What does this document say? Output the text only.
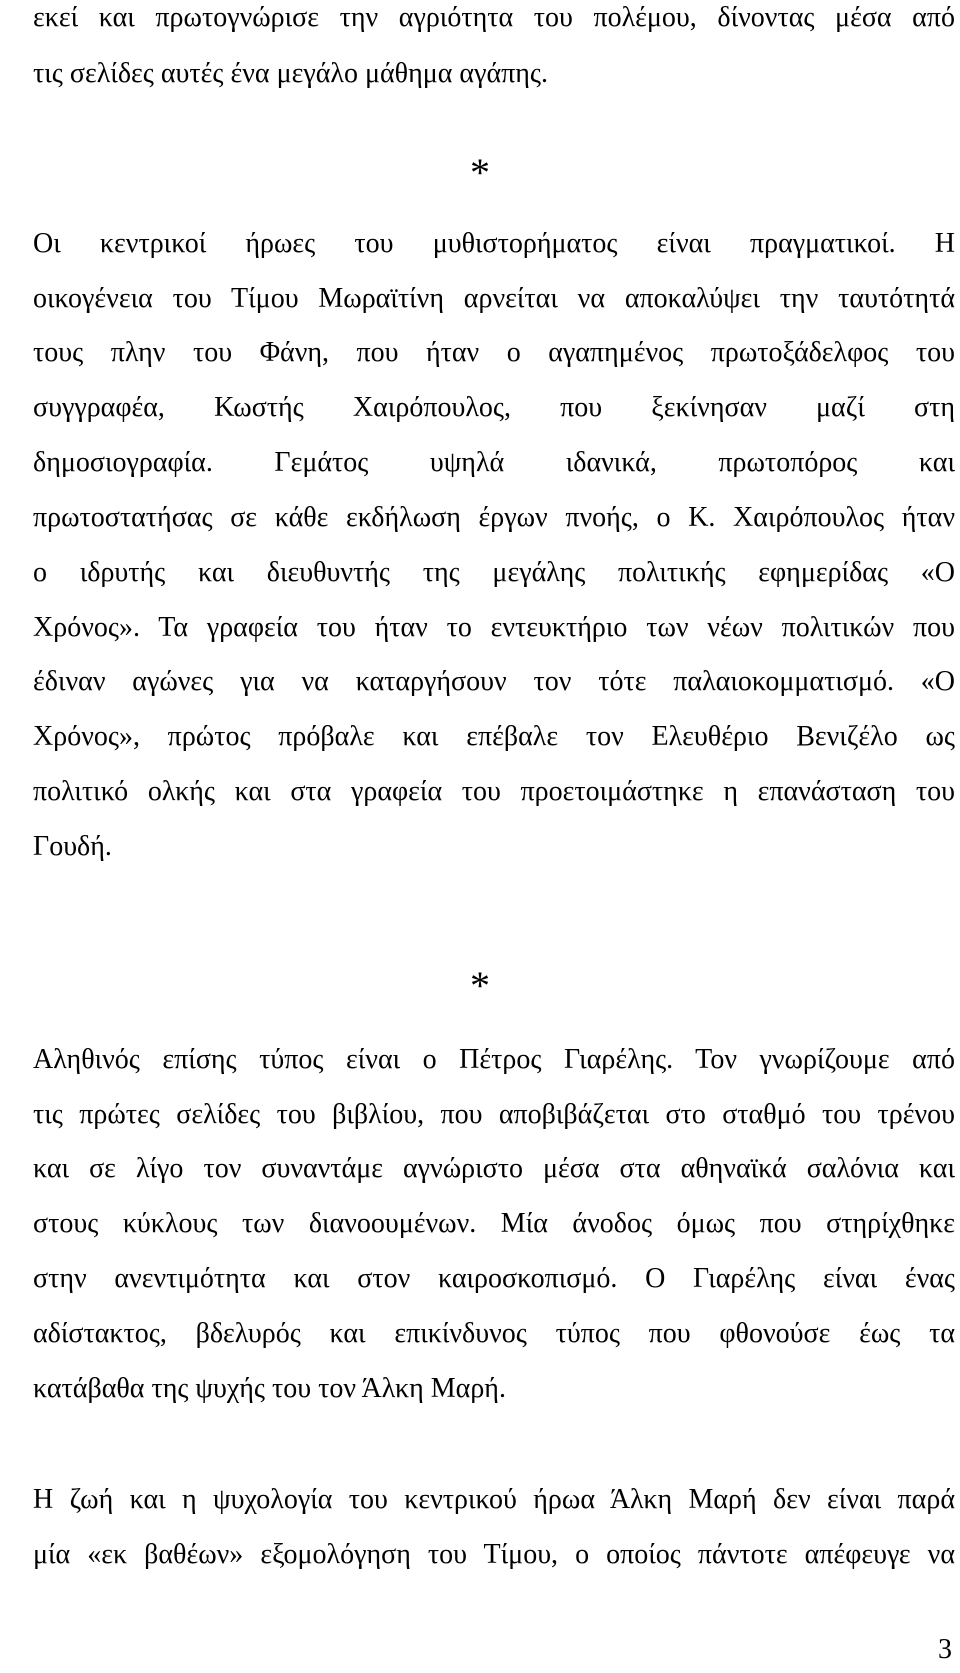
εκεί και πρωτογνώρισε την αγριότητα του πολέμου, δίνοντας μέσα από
τις σελίδες αυτές ένα μεγάλο μάθημα αγάπης.
*
Οι κεντρικοί ήρωες του μυθιστορήματος είναι πραγματικοί. Η
οικογένεια του Τίμου Μωραϊτίνη αρνείται να αποκαλύψει την ταυτότητά
τους πλην του Φάνη, που ήταν ο αγαπημένος πρωτοξάδελφος του
συγγραφέα, Κωστής Χαιρόπουλος, που ξεκίνησαν μαζί στη
δημοσιογραφία. Γεμάτος υψηλά ιδανικά, πρωτοπόρος και
πρωτοστατήσας σε κάθε εκδήλωση έργων πνοής, ο Κ. Χαιρόπουλος ήταν
ο ιδρυτής και διευθυντής της μεγάλης πολιτικής εφημερίδας «Ο
Χρόνος». Τα γραφεία του ήταν το εντευκτήριο των νέων πολιτικών που
έδιναν αγώνες για να καταργήσουν τον τότε παλαιοκομματισμό. «Ο
Χρόνος», πρώτος πρόβαλε και επέβαλε τον Ελευθέριο Βενιζέλο ως
πολιτικό ολκής και στα γραφεία του προετοιμάστηκε η επανάσταση του
Γουδή.
*
Αληθινός επίσης τύπος είναι ο Πέτρος Γιαρέλης. Τον γνωρίζουμε από
τις πρώτες σελίδες του βιβλίου, που αποβιβάζεται στο σταθμό του τρένου
και σε λίγο τον συναντάμε αγνώριστο μέσα στα αθηναϊκά σαλόνια και
στους κύκλους των διανοουμένων. Μία άνοδος όμως που στηρίχθηκε
στην ανεντιμότητα και στον καιροσκοπισμό. Ο Γιαρέλης είναι ένας
αδίστακτος, βδελυρός και επικίνδυνος τύπος που φθονούσε έως τα
κατάβαθα της ψυχής του τον Άλκη Μαρή.
Η ζωή και η ψυχολογία του κεντρικού ήρωα Άλκη Μαρή δεν είναι παρά
μία «εκ βαθέων» εξομολόγηση του Τίμου, ο οποίος πάντοτε απέφευγε να
3
